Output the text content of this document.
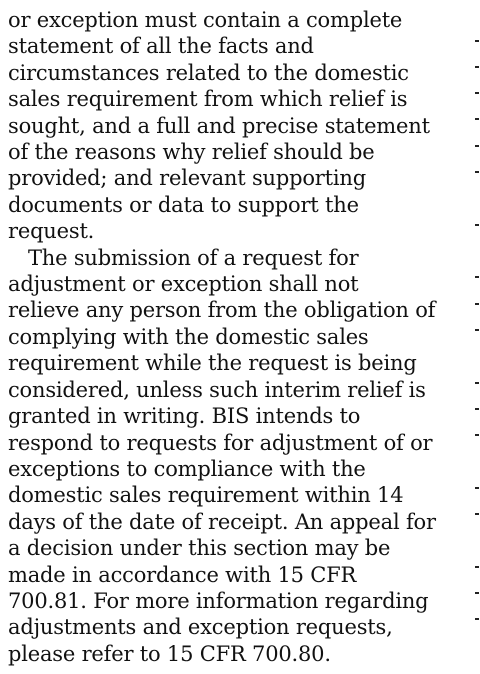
or exception must contain a complete
statement of all the facts and
circumstances related to the domestic
sales requirement from which relief is
sought, and a full and precise statement
of the reasons why relief should be
provided; and relevant supporting
documents or data to support the
request.
The submission of a request for
adjustment or exception shall not
relieve any person from the obligation of
complying with the domestic sales
requirement while the request is being
considered, unless such interim relief is
granted in writing. BIS intends to
respond to requests for adjustment of or
exceptions to compliance with the
domestic sales requirement within 14
days of the date of receipt. An appeal for
a decision under this section may be
made in accordance with 15 CFR
700.81. For more information regarding
adjustments and exception requests,
please refer to 15 CFR 700.80.
